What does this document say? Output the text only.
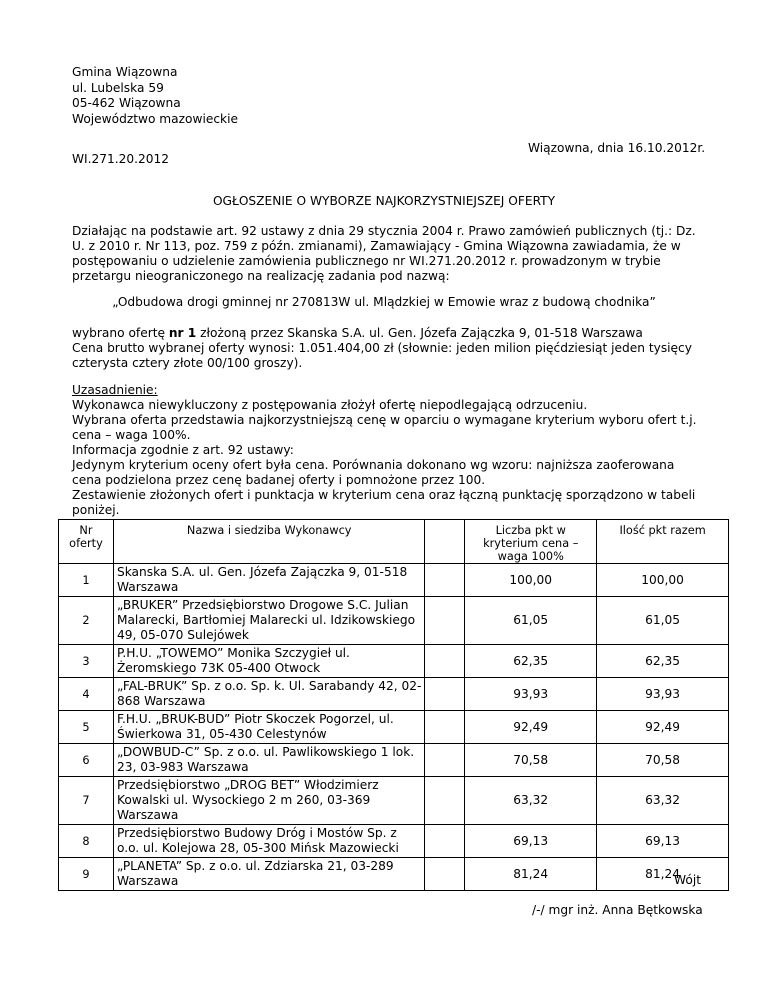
Gmina Wiązowna
ul. Lubelska 59
05-462 Wiązowna
Województwo mazowieckie
Wiązowna, dnia 16.10.2012r.
WI.271.20.2012
OGŁOSZENIE O WYBORZE NAJKORZYSTNIEJSZEJ OFERTY
Działając na podstawie art. 92 ustawy z dnia 29 stycznia 2004 r. Prawo zamówień publicznych (tj.: Dz. U. z 2010 r. Nr 113, poz. 759 z późn. zmianami), Zamawiający - Gmina Wiązowna zawiadamia, że w postępowaniu o udzielenie zamówienia publicznego nr WI.271.20.2012 r. prowadzonym w trybie przetargu nieograniczonego na realizację zadania pod nazwą:
„Odbudowa drogi gminnej nr 270813W ul. Mlądzkiej w Emowie wraz z budową chodnika”
wybrano ofertę nr 1 złożoną przez Skanska S.A. ul. Gen. Józefa Zajączka 9, 01-518 Warszawa
Cena brutto wybranej oferty wynosi: 1.051.404,00 zł (słownie: jeden milion pięćdziesiąt jeden tysięcy czterysta cztery złote 00/100 groszy).
Uzasadnienie:
Wykonawca niewykluczony z postępowania złożył ofertę niepodlegającą odrzuceniu.
Wybrana oferta przedstawia najkorzystniejszą cenę w oparciu o wymagane kryterium wyboru ofert t.j. cena – waga 100%.
Informacja zgodnie z art. 92 ustawy:
Jedynym kryterium oceny ofert była cena. Porównania dokonano wg wzoru: najniższa zaoferowana cena podzielona przez cenę badanej oferty i pomnożone przez 100.
Zestawienie złożonych ofert i punktacja w kryterium cena oraz łączną punktację sporządzono w tabeli poniżej.
Nr oferty	Nazwa i siedziba Wykonawcy		Liczba pkt w kryterium cena – waga 100%	Ilość pkt razem
1	Skanska S.A. ul. Gen. Józefa Zajączka 9, 01-518 Warszawa		100,00	100,00
2	„BRUKER” Przedsiębiorstwo Drogowe S.C. Julian Malarecki, Bartłomiej Malarecki ul. Idzikowskiego 49, 05-070 Sulejówek		61,05	61,05
3	P.H.U. „TOWEMO” Monika Szczygieł ul. Żeromskiego 73K 05-400 Otwock		62,35	62,35
4	„FAL-BRUK” Sp. z o.o. Sp. k. Ul. Sarabandy 42, 02-868 Warszawa		93,93	93,93
5	F.H.U. „BRUK-BUD” Piotr Skoczek Pogorzel, ul. Świerkowa 31, 05-430 Celestynów		92,49	92,49
6	„DOWBUD-C” Sp. z o.o. ul. Pawlikowskiego 1 lok. 23, 03-983 Warszawa		70,58	70,58
7	Przedsiębiorstwo „DROG BET” Włodzimierz Kowalski ul. Wysockiego 2 m 260, 03-369 Warszawa		63,32	63,32
8	Przedsiębiorstwo Budowy Dróg i Mostów Sp. z o.o. ul. Kolejowa 28, 05-300 Mińsk Mazowiecki		69,13	69,13
9	„PLANETA” Sp. z o.o. ul. Zdziarska 21, 03-289 Warszawa		81,24	81,24
Wójt
/-/ mgr inż. Anna Bętkowska
